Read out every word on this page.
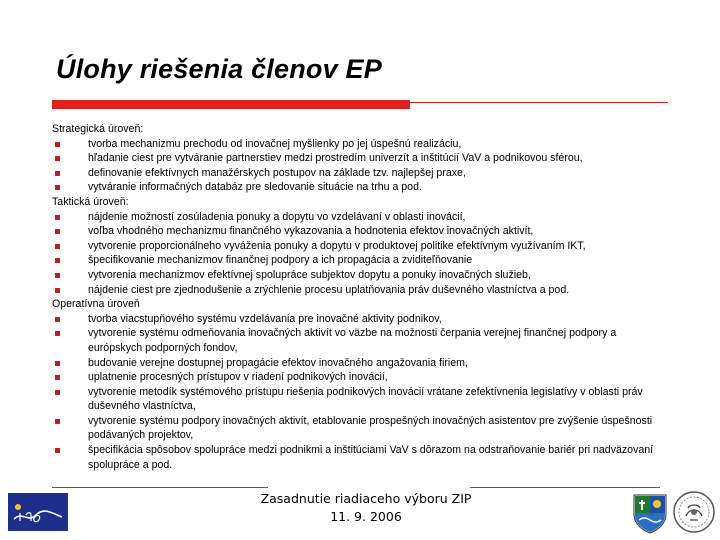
Úlohy riešenia členov EP
Strategická úroveň:
tvorba mechanizmu prechodu od inovačnej myšlienky po jej úspešnú realizáciu,
hľadanie ciest pre vytváranie partnerstiev medzi prostredím univerzít a inštitúcií VaV a podnikovou sférou,
definovanie efektívnych manažérskych postupov na základe tzv. najlepšej praxe,
vytváranie informačných databáz pre sledovanie situácie na trhu a pod.
Taktická úroveň:
nájdenie možností zosúladenia ponuky a dopytu vo vzdelávaní v oblasti inovácií,
voľba vhodného mechanizmu finančného vykazovania a hodnotenia efektov inovačných aktivít,
vytvorenie proporcionálneho vyváženia ponuky a dopytu v produktovej politike efektívnym využívaním IKT,
špecifikovanie mechanizmov finančnej podpory a ich propagácia a zviditeľňovanie
vytvorenia mechanizmov efektívnej spolupráce subjektov dopytu a ponuky inovačných služieb,
nájdenie ciest pre zjednodušenie a zrýchlenie procesu uplatňovania práv duševného vlastníctva a pod.
Operatívna úroveň
tvorba viacstupňového systému vzdelávania pre inovačné aktivity podnikov,
vytvorenie systému odmeňovania inovačných aktivít vo väzbe na možnosti čerpania verejnej finančnej podpory a európskych podporných fondov,
budovanie verejne dostupnej propagácie efektov inovačného angažovania firiem,
uplatnenie procesných prístupov v riadení podnikových inovácií,
vytvorenie metodík systémového prístupu riešenia podnikových inovácií vrátane zefektívnenia legislatívy v oblasti práv duševného vlastníctva,
vytvorenie systému podpory inovačných aktivít, etablovanie prospešných inovačných asistentov pre zvýšenie úspešnosti podávaných projektov,
špecifikácia spôsobov spolupráce medzi podnikmi a inštitúciami VaV s dôrazom na odstraňovanie bariér pri nadväzovaní spolupráce a pod.
Zasadnutie riadiaceho výboru ZIP
11. 9. 2006
